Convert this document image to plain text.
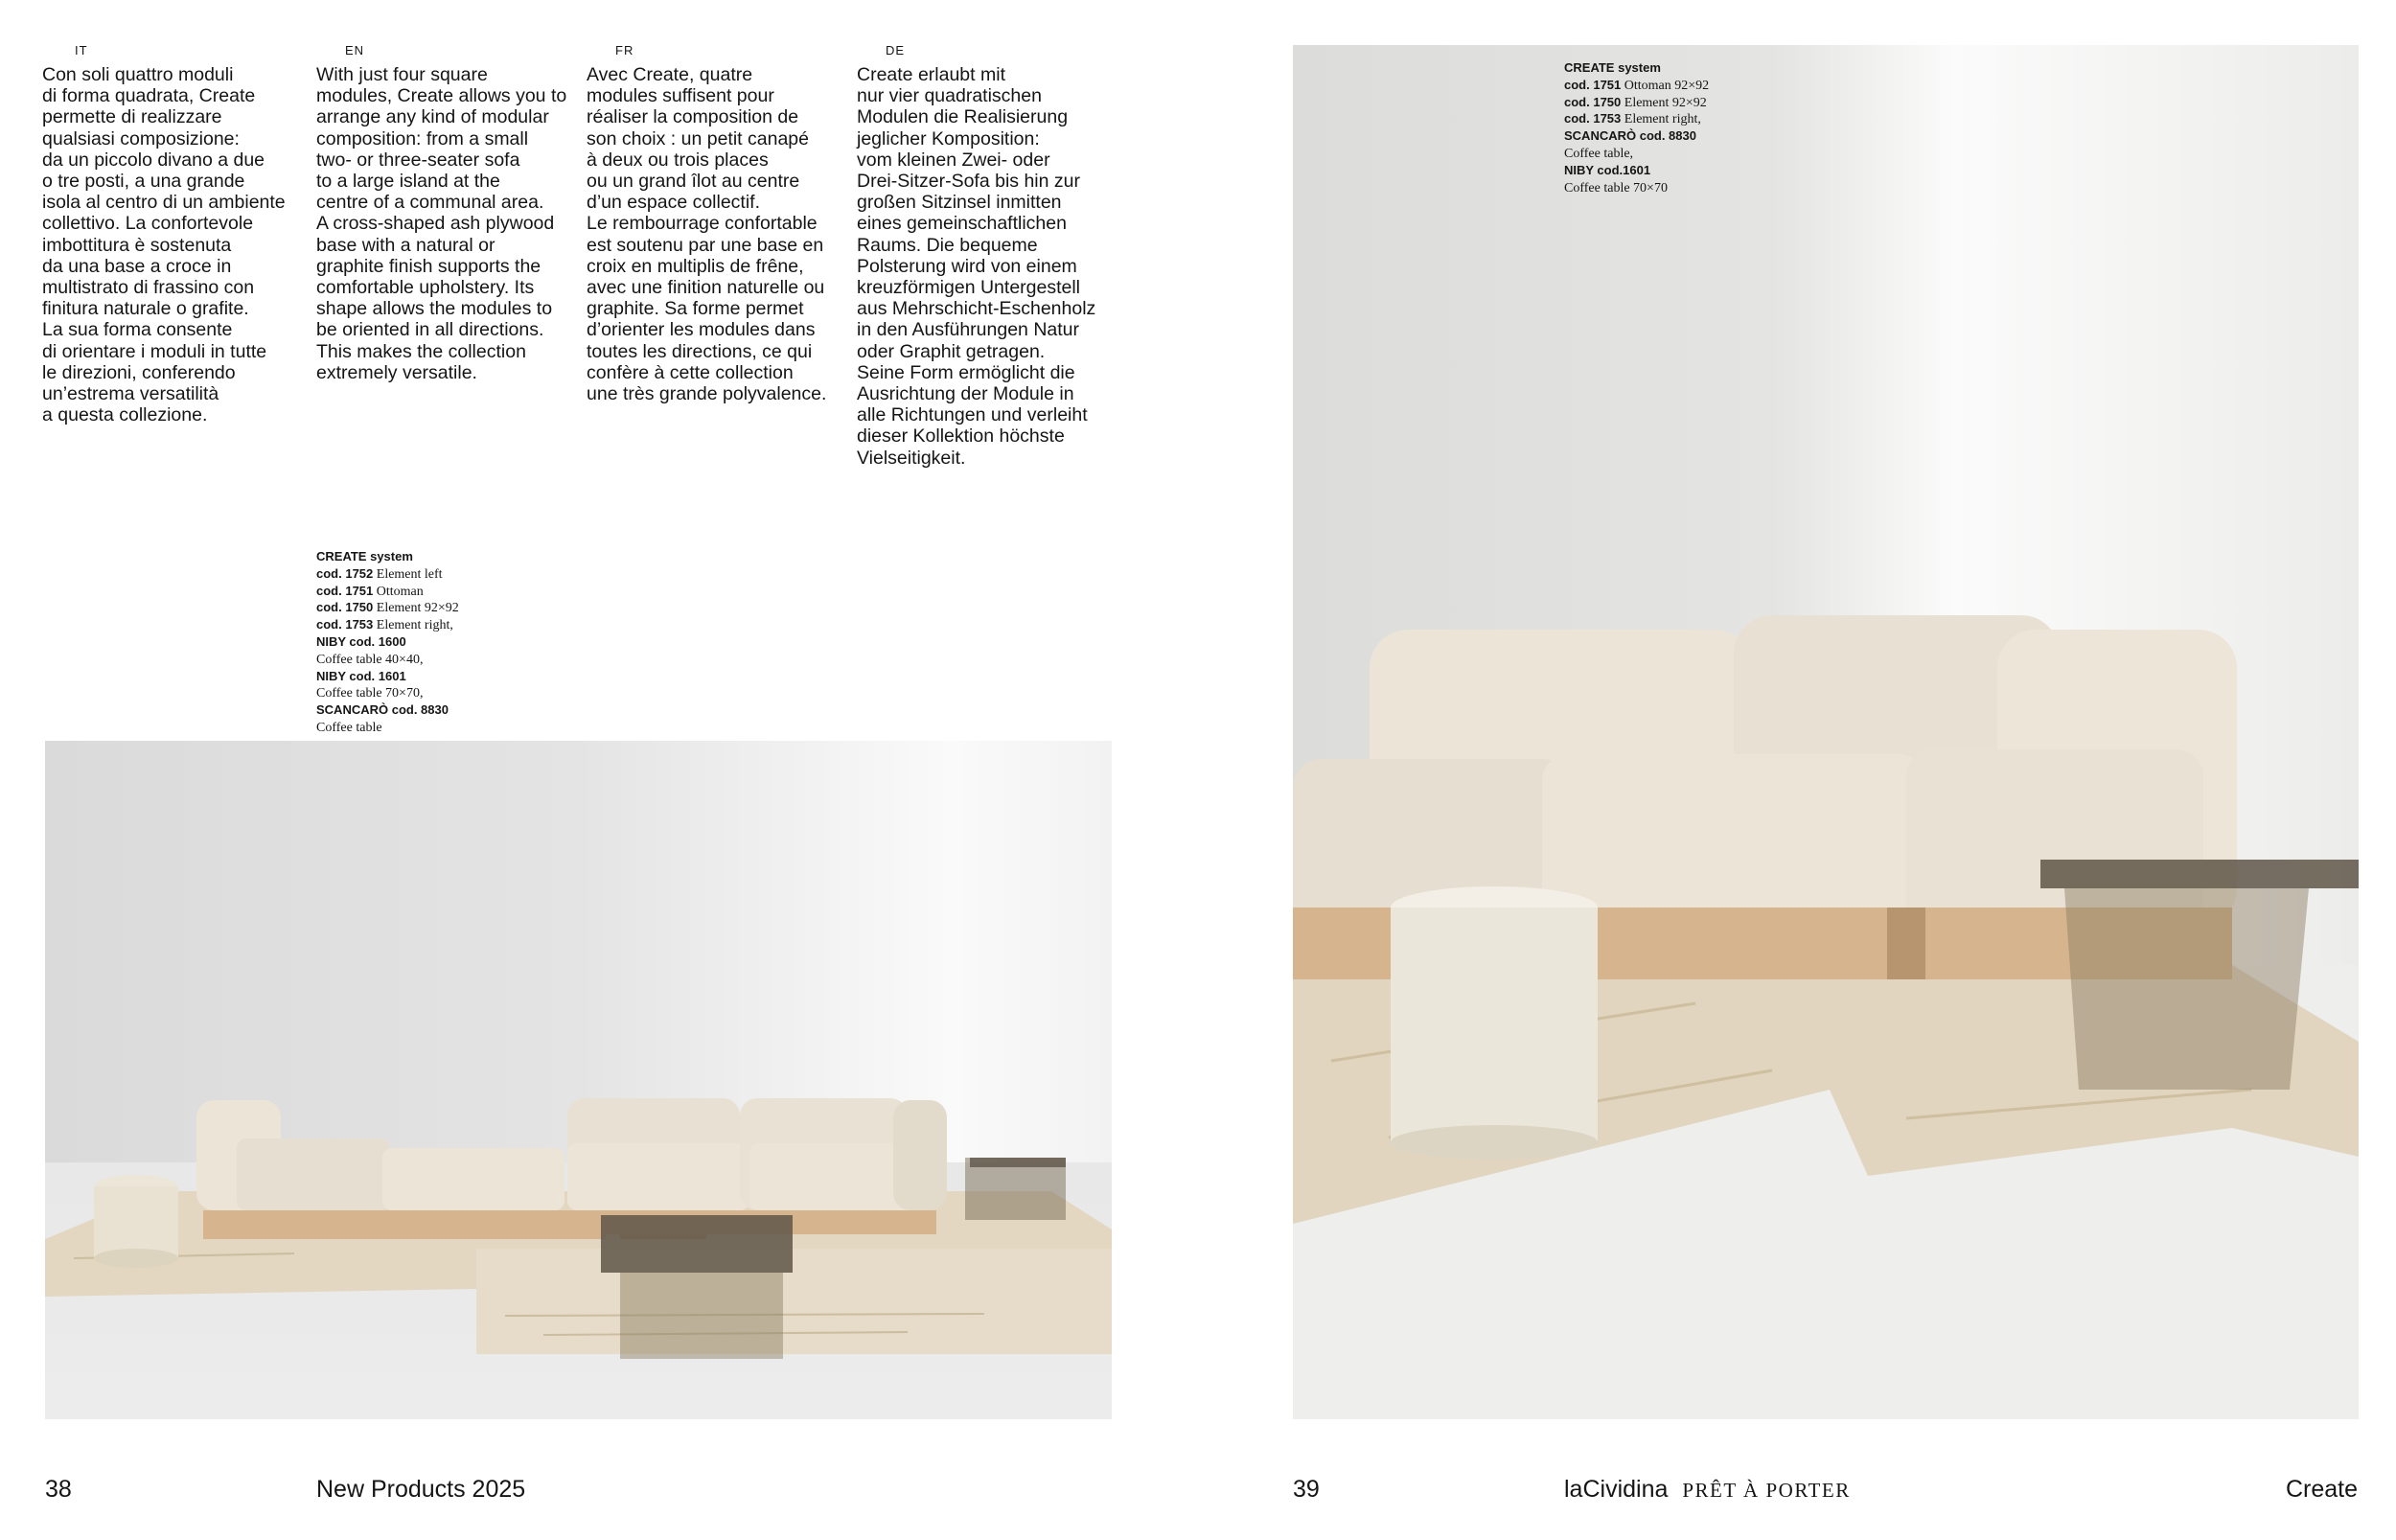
IT	EN	FR	DE
Con soli quattro moduli
di forma quadrata, Create
permette di realizzare
qualsiasi composizione:
da un piccolo divano a due
o tre posti, a una grande
isola al centro di un ambiente
collettivo. La confortevole
imbottitura è sostenuta
da una base a croce in
multistrato di frassino con
finitura naturale o grafite.
La sua forma consente
di orientare i moduli in tutte
le direzioni, conferendo
un’estrema versatilità
a questa collezione.
With just four square
modules, Create allows you to
arrange any kind of modular
composition: from a small
two- or three-seater sofa
to a large island at the
centre of a communal area.
A cross-shaped ash plywood
base with a natural or
graphite finish supports the
comfortable upholstery. Its
shape allows the modules to
be oriented in all directions.
This makes the collection
extremely versatile.
Avec Create, quatre
modules suffisent pour
réaliser la composition de
son choix : un petit canapé
à deux ou trois places
ou un grand îlot au centre
d’un espace collectif.
Le rembourrage confortable
est soutenu par une base en
croix en multiplis de frêne,
avec une finition naturelle ou
graphite. Sa forme permet
d’orienter les modules dans
toutes les directions, ce qui
confère à cette collection
une très grande polyvalence.
Create erlaubt mit
nur vier quadratischen
Modulen die Realisierung
jeglicher Komposition:
vom kleinen Zwei- oder
Drei-Sitzer-Sofa bis hin zur
großen Sitzinsel inmitten
eines gemeinschaftlichen
Raums. Die bequeme
Polsterung wird von einem
kreuzförmigen Untergestell
aus Mehrschicht-Eschenholz
in den Ausführungen Natur
oder Graphit getragen.
Seine Form ermöglicht die
Ausrichtung der Module in
alle Richtungen und verleiht
dieser Kollektion höchste
Vielseitigkeit.
CREATE system
cod. 1752 Element left
cod. 1751 Ottoman
cod. 1750 Element 92×92
cod. 1753 Element right,
NIBY cod. 1600
Coffee table 40×40,
NIBY cod. 1601
Coffee table 70×70,
SCANCARÒ cod. 8830
Coffee table
CREATE system
cod. 1751 Ottoman 92×92
cod. 1750 Element 92×92
cod. 1753 Element right,
SCANCARÒ cod. 8830
Coffee table,
NIBY cod.1601
Coffee table 70×70
38	New Products 2025	39	laCividina PRÊT À PORTER	Create
